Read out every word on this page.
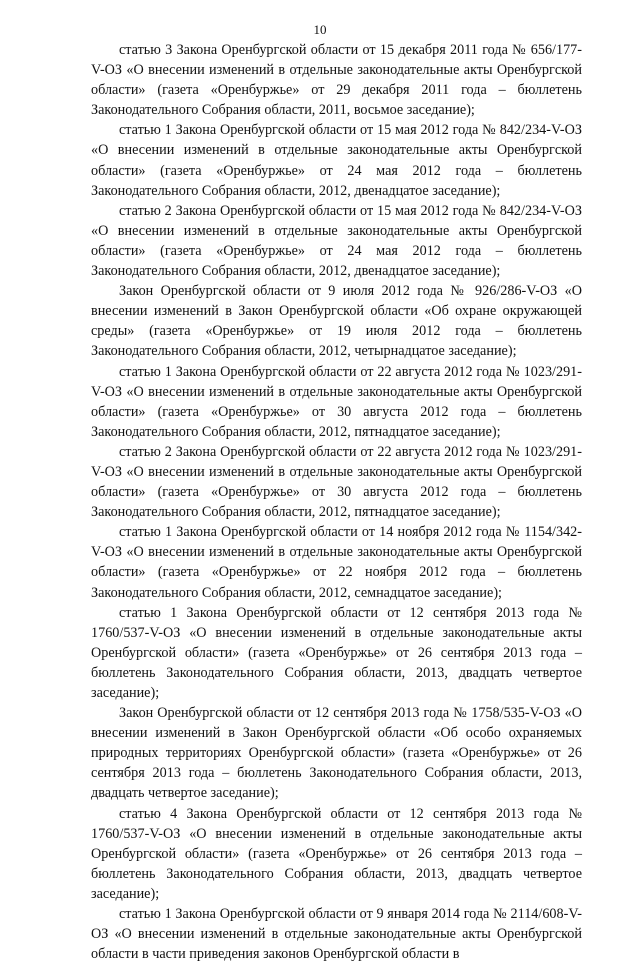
10

статью 3 Закона Оренбургской области от 15 декабря 2011 года № 656/177-V-ОЗ «О внесении изменений в отдельные законодательные акты Оренбургской области» (газета «Оренбуржье» от 29 декабря 2011 года – бюллетень Законодательного Собрания области, 2011, восьмое заседание);

статью 1 Закона Оренбургской области от 15 мая 2012 года № 842/234-V-ОЗ «О внесении изменений в отдельные законодательные акты Оренбургской области» (газета «Оренбуржье» от 24 мая 2012 года – бюллетень Законодательного Собрания области, 2012, двенадцатое заседание);

статью 2 Закона Оренбургской области от 15 мая 2012 года № 842/234-V-ОЗ «О внесении изменений в отдельные законодательные акты Оренбургской области» (газета «Оренбуржье» от 24 мая 2012 года – бюллетень Законодательного Собрания области, 2012, двенадцатое заседание);

Закон Оренбургской области от 9 июля 2012 года № 926/286-V-ОЗ «О внесении изменений в Закон Оренбургской области «Об охране окружающей среды» (газета «Оренбуржье» от 19 июля 2012 года – бюллетень Законодательного Собрания области, 2012, четырнадцатое заседание);

статью 1 Закона Оренбургской области от 22 августа 2012 года № 1023/291-V-ОЗ «О внесении изменений в отдельные законодательные акты Оренбургской области» (газета «Оренбуржье» от 30 августа 2012 года – бюллетень Законодательного Собрания области, 2012, пятнадцатое заседание);

статью 2 Закона Оренбургской области от 22 августа 2012 года № 1023/291-V-ОЗ «О внесении изменений в отдельные законодательные акты Оренбургской области» (газета «Оренбуржье» от 30 августа 2012 года – бюллетень Законодательного Собрания области, 2012, пятнадцатое заседание);

статью 1 Закона Оренбургской области от 14 ноября 2012 года № 1154/342-V-ОЗ «О внесении изменений в отдельные законодательные акты Оренбургской области» (газета «Оренбуржье» от 22 ноября 2012 года – бюллетень Законодательного Собрания области, 2012, семнадцатое заседание);

статью 1 Закона Оренбургской области от 12 сентября 2013 года № 1760/537-V-ОЗ «О внесении изменений в отдельные законодательные акты Оренбургской области» (газета «Оренбуржье» от 26 сентября 2013 года – бюллетень Законодательного Собрания области, 2013, двадцать четвертое заседание);

Закон Оренбургской области от 12 сентября 2013 года № 1758/535-V-ОЗ «О внесении изменений в Закон Оренбургской области «Об особо охраняемых природных территориях Оренбургской области» (газета «Оренбуржье» от 26 сентября 2013 года – бюллетень Законодательного Собрания области, 2013, двадцать четвертое заседание);

статью 4 Закона Оренбургской области от 12 сентября 2013 года № 1760/537-V-ОЗ «О внесении изменений в отдельные законодательные акты Оренбургской области» (газета «Оренбуржье» от 26 сентября 2013 года – бюллетень Законодательного Собрания области, 2013, двадцать четвертое заседание);

статью 1 Закона Оренбургской области от 9 января 2014 года № 2114/608-V-ОЗ «О внесении изменений в отдельные законодательные акты Оренбургской области в части приведения законов Оренбургской области в
